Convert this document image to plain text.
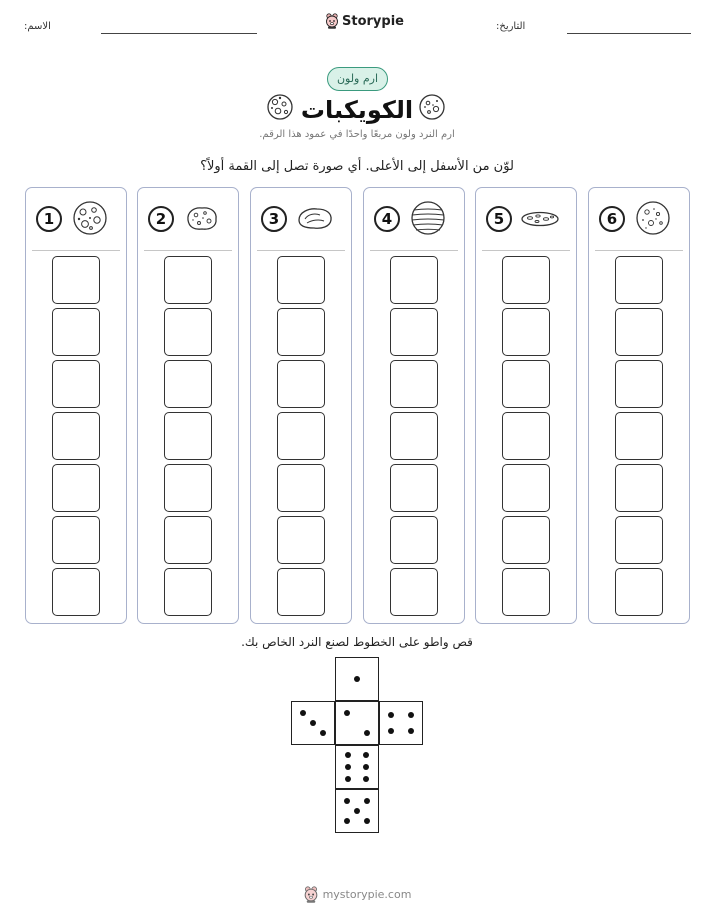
الاسم:	Storypie	التاريخ:
ارم ولون
الكويكبات
ارم النرد ولون مربعًا واحدًا في عمود هذا الرقم.
لوّن من الأسفل إلى الأعلى. أي صورة تصل إلى القمة أولاً؟
1	2	3	4	5	6
قص واطو على الخطوط لصنع النرد الخاص بك.
mystorypie.com
